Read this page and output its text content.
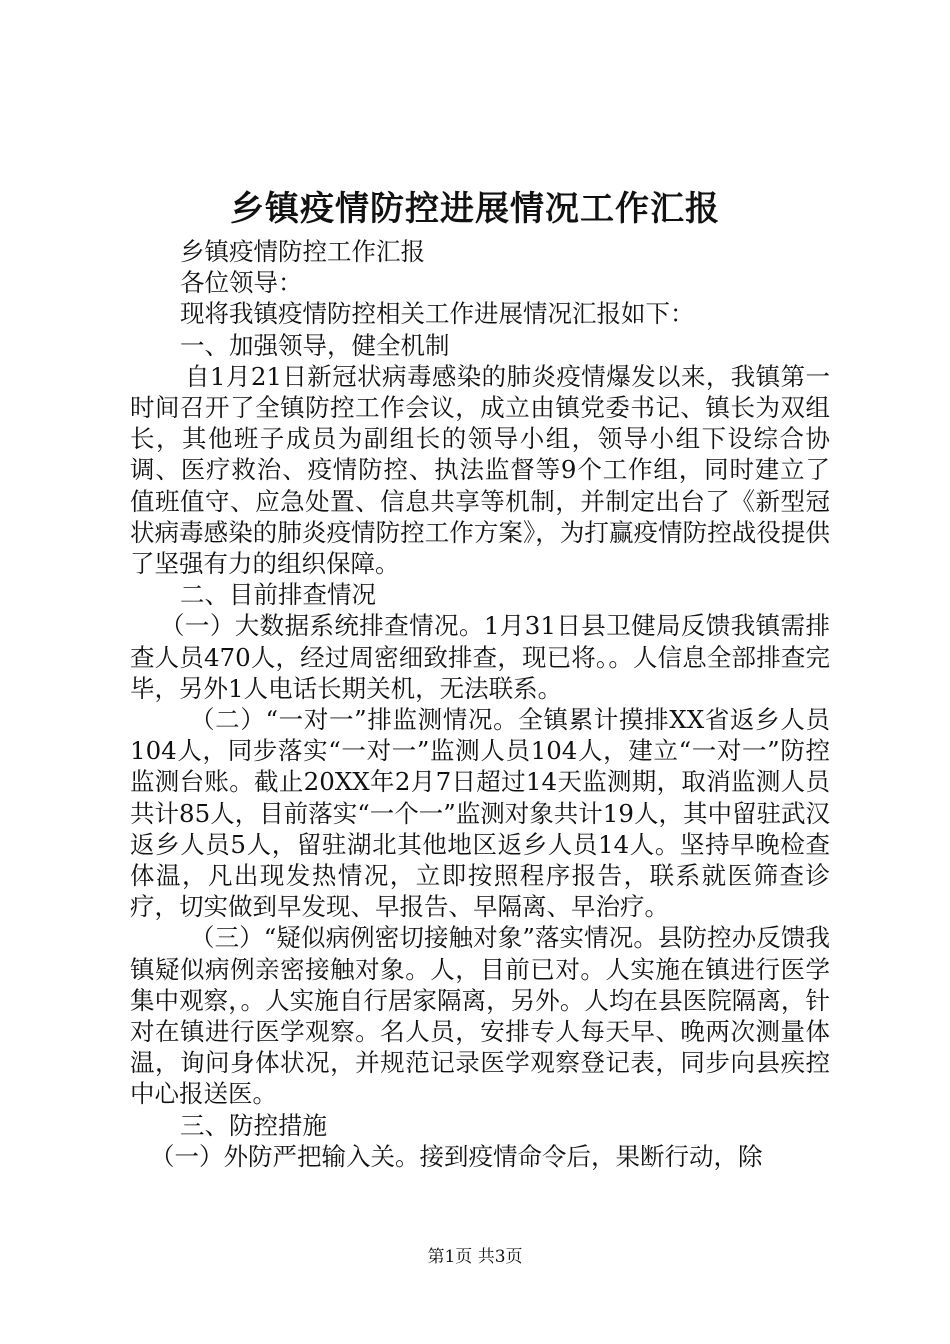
乡镇疫情防控进展情况工作汇报

乡镇疫情防控工作汇报

各位领导：

现将我镇疫情防控相关工作进展情况汇报如下：

一、加强领导，健全机制

自1月21日新冠状病毒感染的肺炎疫情爆发以来，我镇第一时间召开了全镇防控工作会议，成立由镇党委书记、镇长为双组长，其他班子成员为副组长的领导小组，领导小组下设综合协调、医疗救治、疫情防控、执法监督等9个工作组，同时建立了值班值守、应急处置、信息共享等机制，并制定出台了《新型冠状病毒感染的肺炎疫情防控工作方案》，为打赢疫情防控战役提供了坚强有力的组织保障。

二、目前排查情况

（一）大数据系统排查情况。1月31日县卫健局反馈我镇需排查人员470人，经过周密细致排查，现已将。。人信息全部排查完毕，另外1人电话长期关机，无法联系。

（二）“一对一”排监测情况。全镇累计摸排XX省返乡人员104人，同步落实“一对一”监测人员104人，建立“一对一”防控监测台账。截止20XX年2月7日超过14天监测期，取消监测人员共计85人，目前落实“一个一”监测对象共计19人，其中留驻武汉返乡人员5人，留驻湖北其他地区返乡人员14人。坚持早晚检查体温，凡出现发热情况，立即按照程序报告，联系就医筛查诊疗，切实做到早发现、早报告、早隔离、早治疗。

（三）“疑似病例密切接触对象”落实情况。县防控办反馈我镇疑似病例亲密接触对象。人，目前已对。人实施在镇进行医学集中观察，。人实施自行居家隔离，另外。人均在县医院隔离，针对在镇进行医学观察。名人员，安排专人每天早、晚两次测量体温，询问身体状况，并规范记录医学观察登记表，同步向县疾控中心报送医。

三、防控措施

（一）外防严把输入关。接到疫情命令后，果断行动，除

第1页 共3页
